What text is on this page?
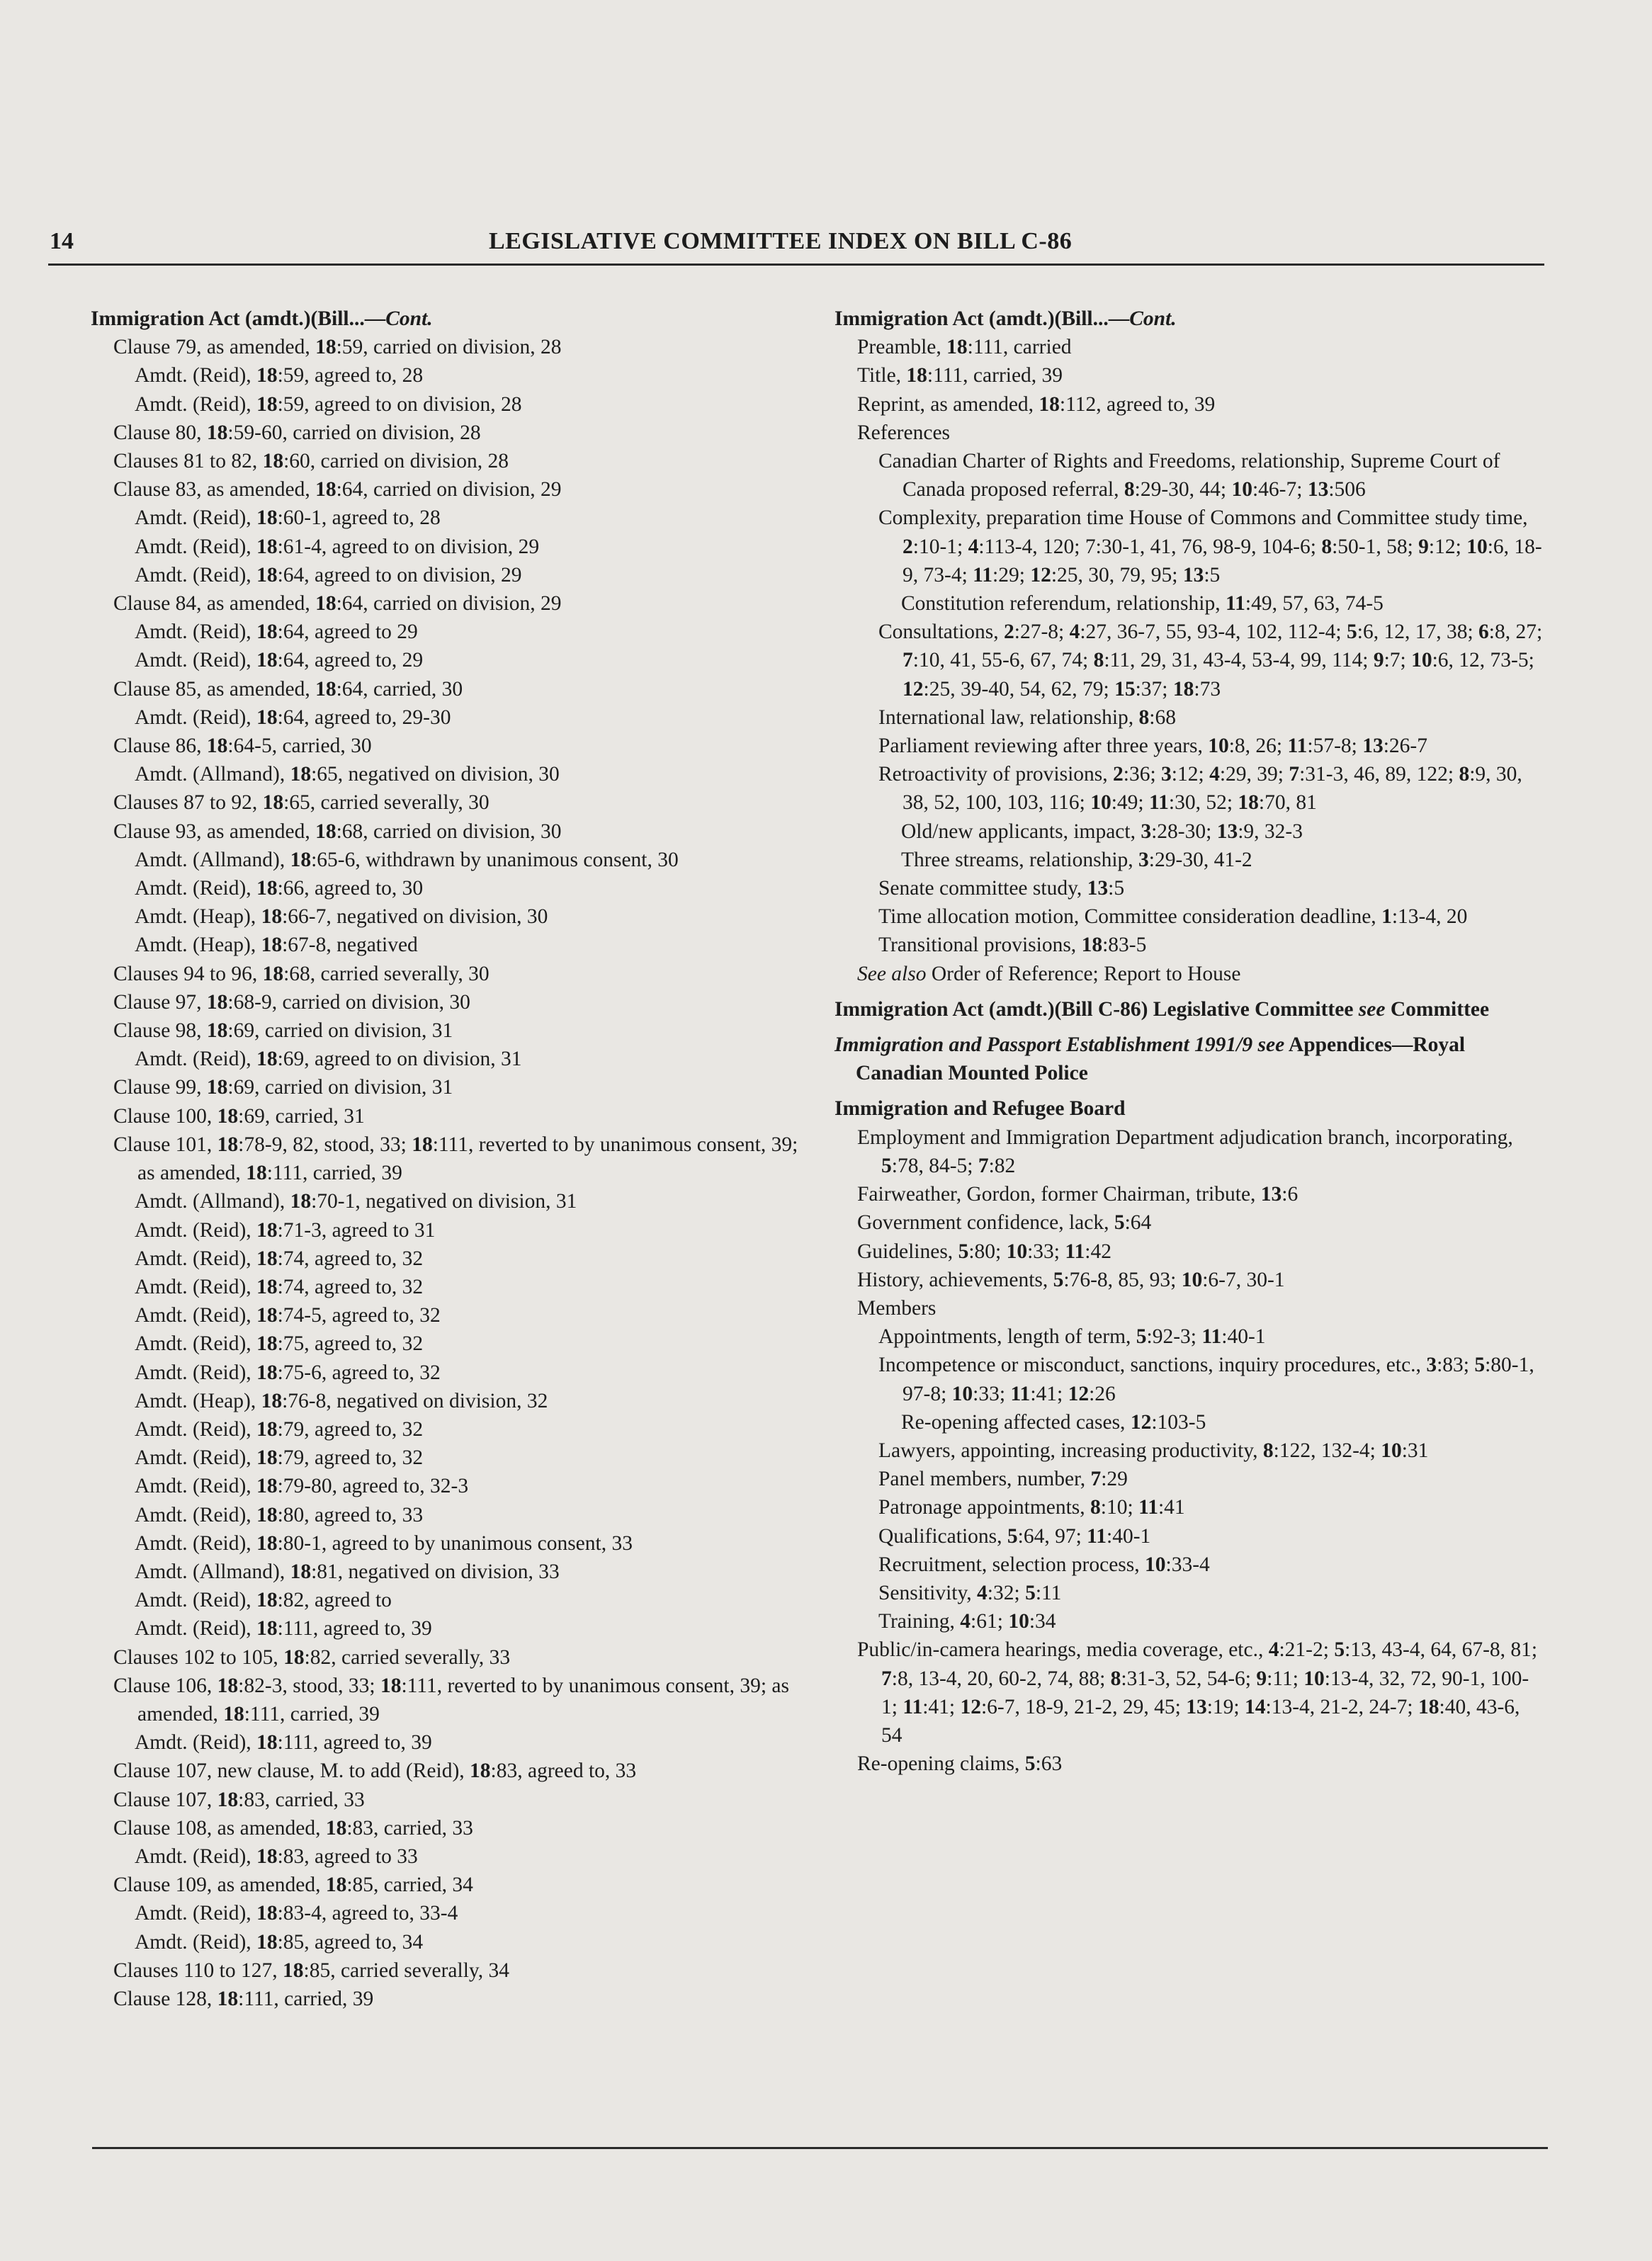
14	LEGISLATIVE COMMITTEE INDEX ON BILL C-86
Immigration Act (amdt.)(Bill...—Cont.
Clause 79, as amended, 18:59, carried on division, 28
Amdt. (Reid), 18:59, agreed to, 28
Amdt. (Reid), 18:59, agreed to on division, 28
Clause 80, 18:59-60, carried on division, 28
Clauses 81 to 82, 18:60, carried on division, 28
Clause 83, as amended, 18:64, carried on division, 29
Amdt. (Reid), 18:60-1, agreed to, 28
Amdt. (Reid), 18:61-4, agreed to on division, 29
Amdt. (Reid), 18:64, agreed to on division, 29
Clause 84, as amended, 18:64, carried on division, 29
Amdt. (Reid), 18:64, agreed to 29
Amdt. (Reid), 18:64, agreed to, 29
Clause 85, as amended, 18:64, carried, 30
Amdt. (Reid), 18:64, agreed to, 29-30
Clause 86, 18:64-5, carried, 30
Amdt. (Allmand), 18:65, negatived on division, 30
Clauses 87 to 92, 18:65, carried severally, 30
Clause 93, as amended, 18:68, carried on division, 30
Amdt. (Allmand), 18:65-6, withdrawn by unanimous consent, 30
Amdt. (Reid), 18:66, agreed to, 30
Amdt. (Heap), 18:66-7, negatived on division, 30
Amdt. (Heap), 18:67-8, negatived
Clauses 94 to 96, 18:68, carried severally, 30
Clause 97, 18:68-9, carried on division, 30
Clause 98, 18:69, carried on division, 31
Amdt. (Reid), 18:69, agreed to on division, 31
Clause 99, 18:69, carried on division, 31
Clause 100, 18:69, carried, 31
Clause 101, 18:78-9, 82, stood, 33; 18:111, reverted to by unanimous consent, 39; as amended, 18:111, carried, 39
Amdt. (Allmand), 18:70-1, negatived on division, 31
Amdt. (Reid), 18:71-3, agreed to 31
Amdt. (Reid), 18:74, agreed to, 32
Amdt. (Reid), 18:74, agreed to, 32
Amdt. (Reid), 18:74-5, agreed to, 32
Amdt. (Reid), 18:75, agreed to, 32
Amdt. (Reid), 18:75-6, agreed to, 32
Amdt. (Heap), 18:76-8, negatived on division, 32
Amdt. (Reid), 18:79, agreed to, 32
Amdt. (Reid), 18:79, agreed to, 32
Amdt. (Reid), 18:79-80, agreed to, 32-3
Amdt. (Reid), 18:80, agreed to, 33
Amdt. (Reid), 18:80-1, agreed to by unanimous consent, 33
Amdt. (Allmand), 18:81, negatived on division, 33
Amdt. (Reid), 18:82, agreed to
Amdt. (Reid), 18:111, agreed to, 39
Clauses 102 to 105, 18:82, carried severally, 33
Clause 106, 18:82-3, stood, 33; 18:111, reverted to by unanimous consent, 39; as amended, 18:111, carried, 39
Amdt. (Reid), 18:111, agreed to, 39
Clause 107, new clause, M. to add (Reid), 18:83, agreed to, 33
Clause 107, 18:83, carried, 33
Clause 108, as amended, 18:83, carried, 33
Amdt. (Reid), 18:83, agreed to 33
Clause 109, as amended, 18:85, carried, 34
Amdt. (Reid), 18:83-4, agreed to, 33-4
Amdt. (Reid), 18:85, agreed to, 34
Clauses 110 to 127, 18:85, carried severally, 34
Clause 128, 18:111, carried, 39
Immigration Act (amdt.)(Bill...—Cont.
Preamble, 18:111, carried
Title, 18:111, carried, 39
Reprint, as amended, 18:112, agreed to, 39
References
Canadian Charter of Rights and Freedoms, relationship, Supreme Court of Canada proposed referral, 8:29-30, 44; 10:46-7; 13:506
Complexity, preparation time House of Commons and Committee study time, 2:10-1; 4:113-4, 120; 7:30-1, 41, 76, 98-9, 104-6; 8:50-1, 58; 9:12; 10:6, 18-9, 73-4; 11:29; 12:25, 30, 79, 95; 13:5
Constitution referendum, relationship, 11:49, 57, 63, 74-5
Consultations, 2:27-8; 4:27, 36-7, 55, 93-4, 102, 112-4; 5:6, 12, 17, 38; 6:8, 27; 7:10, 41, 55-6, 67, 74; 8:11, 29, 31, 43-4, 53-4, 99, 114; 9:7; 10:6, 12, 73-5; 12:25, 39-40, 54, 62, 79; 15:37; 18:73
International law, relationship, 8:68
Parliament reviewing after three years, 10:8, 26; 11:57-8; 13:26-7
Retroactivity of provisions, 2:36; 3:12; 4:29, 39; 7:31-3, 46, 89, 122; 8:9, 30, 38, 52, 100, 103, 116; 10:49; 11:30, 52; 18:70, 81
Old/new applicants, impact, 3:28-30; 13:9, 32-3
Three streams, relationship, 3:29-30, 41-2
Senate committee study, 13:5
Time allocation motion, Committee consideration deadline, 1:13-4, 20
Transitional provisions, 18:83-5
See also Order of Reference; Report to House
Immigration Act (amdt.)(Bill C-86) Legislative Committee see Committee
Immigration and Passport Establishment 1991/9 see Appendices—Royal Canadian Mounted Police
Immigration and Refugee Board
Employment and Immigration Department adjudication branch, incorporating, 5:78, 84-5; 7:82
Fairweather, Gordon, former Chairman, tribute, 13:6
Government confidence, lack, 5:64
Guidelines, 5:80; 10:33; 11:42
History, achievements, 5:76-8, 85, 93; 10:6-7, 30-1
Members
Appointments, length of term, 5:92-3; 11:40-1
Incompetence or misconduct, sanctions, inquiry procedures, etc., 3:83; 5:80-1, 97-8; 10:33; 11:41; 12:26
Re-opening affected cases, 12:103-5
Lawyers, appointing, increasing productivity, 8:122, 132-4; 10:31
Panel members, number, 7:29
Patronage appointments, 8:10; 11:41
Qualifications, 5:64, 97; 11:40-1
Recruitment, selection process, 10:33-4
Sensitivity, 4:32; 5:11
Training, 4:61; 10:34
Public/in-camera hearings, media coverage, etc., 4:21-2; 5:13, 43-4, 64, 67-8, 81; 7:8, 13-4, 20, 60-2, 74, 88; 8:31-3, 52, 54-6; 9:11; 10:13-4, 32, 72, 90-1, 100-1; 11:41; 12:6-7, 18-9, 21-2, 29, 45; 13:19; 14:13-4, 21-2, 24-7; 18:40, 43-6, 54
Re-opening claims, 5:63
